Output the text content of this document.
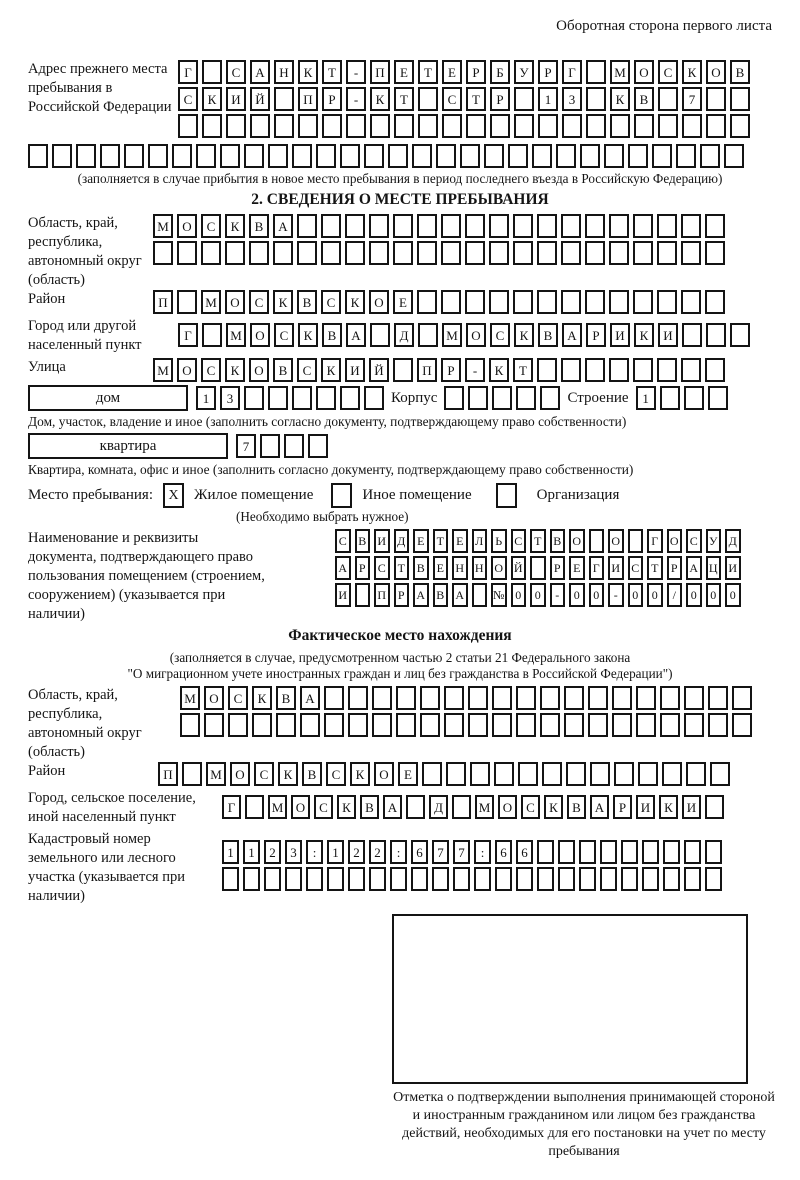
Оборотная сторона первого листа
Адрес прежнего места пребывания в Российской Федерации
Г	С	А	Н	К	Т	-	П	Е	Т	Е	Р	Б	У	Р	Г	М	О	С	К	О	В
С	К	И	Й	П	Р	-	К	Т	С	Т	Р	1	3	К	В	7
(заполняется в случае прибытия в новое место пребывания в период последнего въезда в Российскую Федерацию)
2. СВЕДЕНИЯ О МЕСТЕ ПРЕБЫВАНИЯ
Область, край, республика, автономный округ (область)
М	О	С	К	В	А
Район	П	М	О	С	К	В	С	К	О	Е
Город или другой населенный пункт
Г	М	О	С	К	В	А	Д	М	О	С	К	В	А	Р	И	К	И
Улица	М	О	С	К	О	В	С	К	И	Й	П	Р	-	К	Т
дом	1	3	Корпус	Строение	1
Дом, участок, владение и иное (заполнить согласно документу, подтверждающему право собственности)
квартира	7
Квартира, комната, офис и иное (заполнить согласно документу, подтверждающему право собственности)
Место пребывания:	X	Жилое помещение	Иное помещение	Организация
(Необходимо выбрать нужное)
Наименование и реквизиты документа, подтверждающего право пользования помещением (строением, сооружением) (указывается при наличии)
С В И Д Е	Т	Е Л Ь	С Т В О	О	Г О С У Д
А Р	С Т В Е Н Н О Й	Р	Е	Г И С Т	Р А Ц И
И	П Р А В А № 0	0	-	0	0	-	0	0	/	0	0	0
Фактическое место нахождения
(заполняется в случае, предусмотренном частью 2 статьи 21 Федерального закона
"О миграционном учете иностранных граждан и лиц без гражданства в Российской Федерации")
Область, край, республика, автономный округ (область)
М	О	С	К	В	А
Район	П	М	О	С	К	В	С	К	О	Е
Город, сельское поселение, иной населенный пункт
Г	М О	С	К	В	А	Д	М О	С	К	В	А	Р	И	К	И
Кадастровый номер земельного или лесного участка (указывается при наличии)
1	1	2	3	:	1	2	2	:	6	7	7	:	6	6
Отметка о подтверждении выполнения принимающей стороной и иностранным гражданином или лицом без гражданства действий, необходимых для его постановки на учет по месту пребывания
